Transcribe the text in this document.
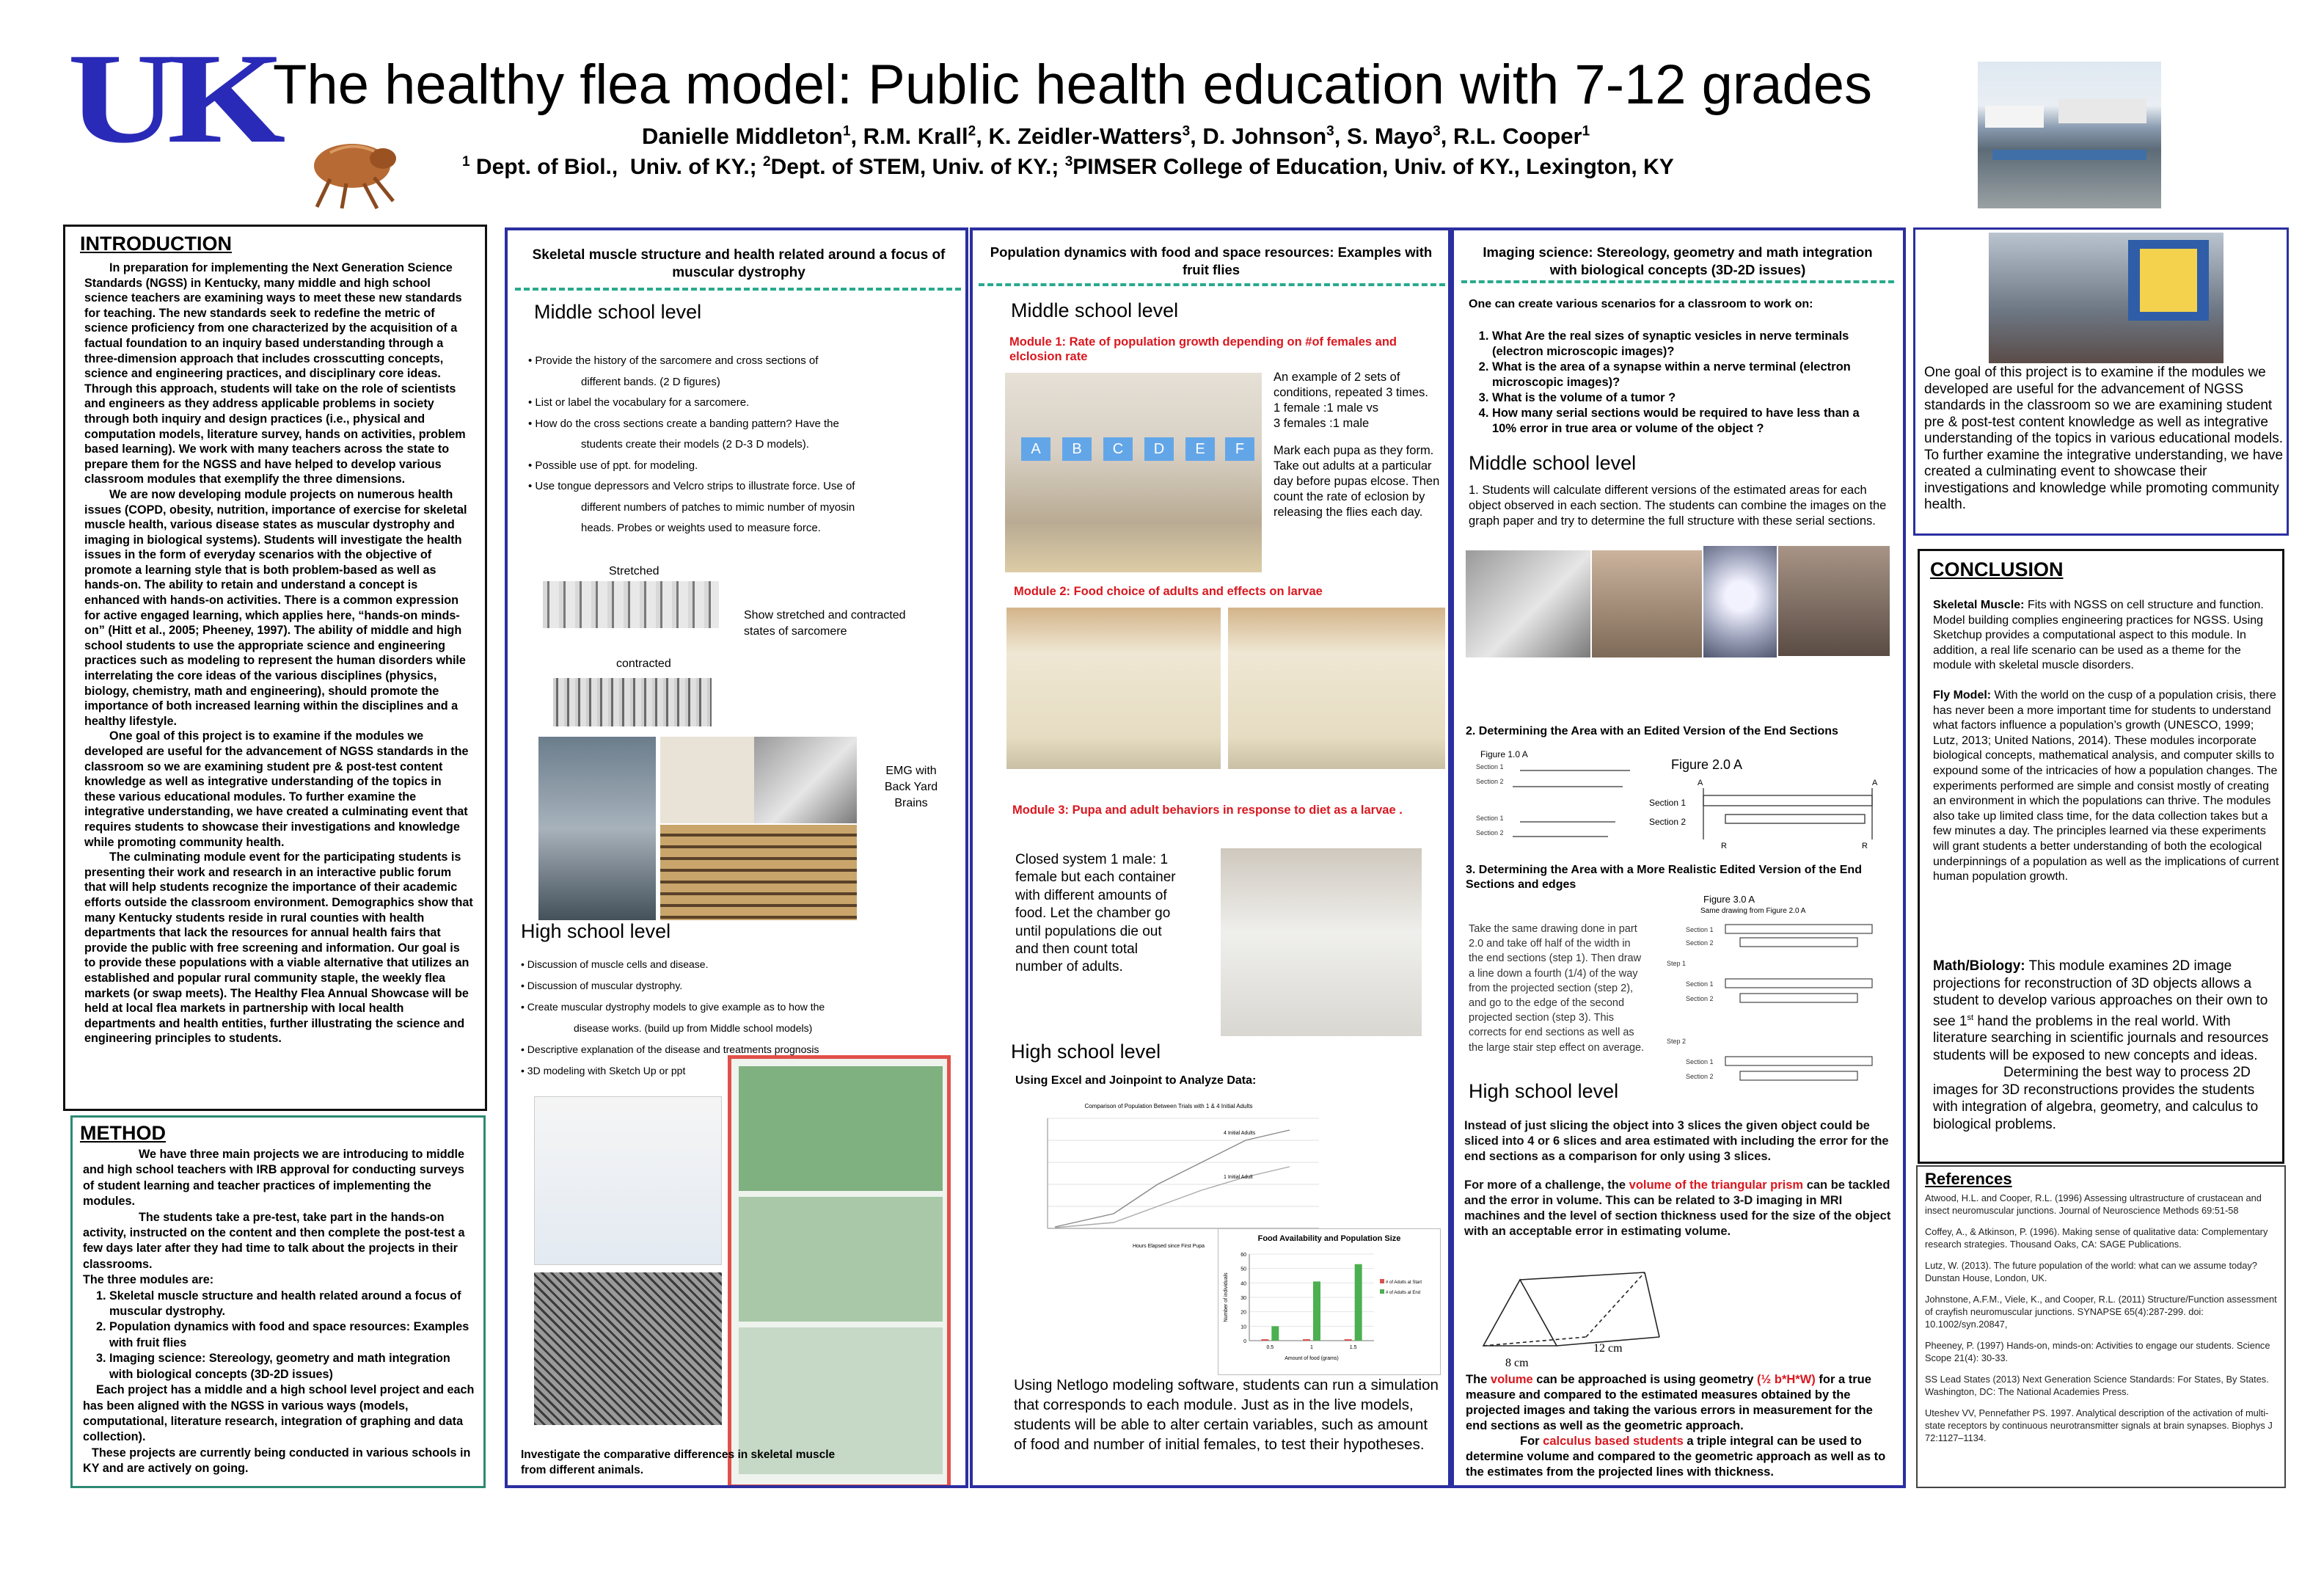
UK
The healthy flea model: Public health education with 7-12 grades
Danielle Middleton$^1$, R.M. Krall$^2$, K. Zeidler-Watters$^3$, D. Johnson$^3$, S. Mayo$^3$, R.L. Cooper$^1$
$^1$ Dept. of Biol.,  Univ. of KY.; $^2$Dept. of STEM, Univ. of KY.; $^3$PIMSER College of Education, Univ. of KY., Lexington, KY
INTRODUCTION

In preparation for implementing the Next Generation Science Standards (NGSS) in Kentucky, many middle and high school science teachers are examining ways to meet these new standards for teaching. The new standards seek to redefine the metric of science proficiency from one characterized by the acquisition of a factual foundation to an inquiry based understanding through a three-dimension approach that includes crosscutting concepts, science and engineering practices, and disciplinary core ideas. Through this approach, students will take on the role of scientists and engineers as they address applicable problems in society through both inquiry and design practices (i.e., physical and computation models, literature survey, hands on activities, problem based learning). We work with many teachers across the state to prepare them for the NGSS and have helped to develop various classroom modules that exemplify the three dimensions.

We are now developing module projects on numerous health issues (COPD, obesity, nutrition, importance of exercise for skeletal muscle health, various disease states as muscular dystrophy and imaging in biological systems). Students will investigate the health issues in the form of everyday scenarios with the objective of promote a learning style that is both problem-based as well as hands-on. The ability to retain and understand a concept is enhanced with hands-on activities. There is a common expression for active engaged learning, which applies here, “hands-on minds-on” (Hitt et al., 2005; Pheeney, 1997). The ability of middle and high school students to use the appropriate science and engineering practices such as modeling to represent the human disorders while interrelating the core ideas of the various disciplines (physics, biology, chemistry, math and engineering), should promote the importance of both increased learning within the disciplines and a healthy lifestyle.

One goal of this project is to examine if the modules we developed are useful for the advancement of NGSS standards in the classroom so we are examining student pre & post-test content knowledge as well as integrative understanding of the topics in these various educational modules. To further examine the integrative understanding, we have created a culminating event that requires students to showcase their investigations and knowledge while promoting community health.

The culminating module event for the participating students is presenting their work and research in an interactive public forum that will help students recognize the importance of their academic efforts outside the classroom environment. Demographics show that many Kentucky students reside in rural counties with health departments that lack the resources for annual health fairs that provide the public with free screening and information. Our goal is to provide these populations with a viable alternative that utilizes an established and popular rural community staple, the weekly flea markets (or swap meets). The Healthy Flea Annual Showcase will be held at local flea markets in partnership with local health departments and health entities, further illustrating the science and engineering principles to students.

METHOD

We have three main projects we are introducing to middle and high school teachers with IRB approval for conducting surveys of student learning and teacher practices of implementing the modules.

The students take a pre-test, take part in the hands-on activity, instructed on the content and then complete the post-test a few days later after they had time to talk about the projects in their classrooms.

The three modules are:

1. Skeletal muscle structure and health related around a focus of muscular dystrophy.
2. Population dynamics with food and space resources: Examples with fruit flies
3. Imaging science: Stereology, geometry and math integration with biological concepts (3D-2D issues)

Each project has a middle and a high school level project and each has been aligned with the NGSS in various ways (models, computational, literature research, integration of graphing and data collection).

These projects are currently being conducted in various schools in KY and are actively on going.

Skeletal muscle structure and health related around a focus of muscular dystrophy
Middle school level

• Provide the history of the sarcomere and cross sections of

different bands. (2 D figures)

• List or label the vocabulary for a sarcomere.

• How do the cross sections create a banding pattern? Have the

students create their models (2 D-3 D models).

• Possible use of ppt. for modeling.

• Use tongue depressors and Velcro strips to illustrate force. Use of

different numbers of patches to mimic number of myosin

heads. Probes or weights used to measure force.

Stretched
Show stretched and contracted states of sarcomere
contracted
EMG with Back Yard Brains
High school level

• Discussion of muscle cells and disease.

• Discussion of muscular dystrophy.

• Create muscular dystrophy models to give example as to how the

disease works. (build up from Middle school models)

• Descriptive explanation of the disease and treatments prognosis

• 3D modeling with Sketch Up or ppt

Investigate the comparative differences in skeletal muscle from different animals.
Population dynamics with food and space resources: Examples with fruit flies
Middle school level
Module 1: Rate of population growth depending on #of females and elclosion rate
A	B	C	D	E	F

An example of 2 sets of conditions, repeated 3 times.

1 female :1 male vs

3 females :1 male

Mark each pupa as they form. Take out adults at a particular day before pupas elcose. Then count the rate of eclosion by releasing the flies each day.

Module 2: Food choice of adults and effects on larvae
Module 3: Pupa and adult behaviors in response to diet as a larvae .
Closed system 1 male: 1 female but each container with different amounts of food. Let the chamber go until populations die out and then count total number of adults.
High school level
Using Excel and Joinpoint to Analyze Data:
Comparison of Population Between Trials with 1 & 4 Initial Adults
4 Initial Adults
1 Initial Adult
Hours Elapsed since First Pupa
Food Availability and Population Size
0
10
20
30
40
50
60
0.5	1	1.5
Amount of food (grams)
Number of individuals	# of Adults at Start
# of Adults at End
Using Netlogo modeling software, students can run a simulation that corresponds to each module. Just as in the live models, students will be able to alter certain variables, such as amount of food and number of initial females, to test their hypotheses.
Imaging science: Stereology, geometry and math integration with biological concepts (3D-2D issues)
One can create various scenarios for a classroom to work on:
1. What Are the real sizes of synaptic vesicles in nerve terminals (electron microscopic images)?
2. What is the area of a synapse within a nerve terminal (electron microscopic images)?
3. What is the volume of a tumor ?
4. How many serial sections would be required to have less than a 10% error in true area or volume of the object ?
Middle school level
1. Students will calculate different versions of the estimated areas for each object observed in each section. The students can combine the images on the graph paper and try to determine the full structure with these serial sections.
2. Determining the Area with an Edited Version of the End Sections
Figure 1.0 A
Section 1
Section 2
Section 1
Section 2
Figure 2.0 A
Section 1
Section 2
A	A
R	R
3. Determining the Area with a More Realistic Edited Version of the End Sections and edges
Figure 3.0 A
Same drawing from Figure 2.0 A
Take the same drawing done in part 2.0 and take off half of the width in the end sections (step 1). Then draw a line down a fourth (1/4) of the way from the projected section (step 2), and go to the edge of the second projected section (step 3). This corrects for end sections as well as the large stair step effect on average.
Section 1
Section 2
Step 1
Section 1
Section 2
Step 2
Section 1
Section 2
High school level

Instead of just slicing the object into 3 slices the given object could be sliced into 4 or 6 slices and area estimated with including the error for the end sections as a comparison for only using 3 slices.

For more of a challenge, the volume of the triangular prism can be tackled and the error in volume. This can be related to 3-D imaging in MRI machines and the level of section thickness used for the size of the object with an acceptable error in estimating volume.

8 cm
12 cm

The volume can be approached is using geometry (½ b*H*W) for a true measure and compared to the estimated measures obtained by the projected images and taking the various errors in measurement for the end sections as well as the geometric approach.

For calculus based students a triple integral can be used to determine volume and compared to the geometric approach as well as to the estimates from the projected lines with thickness.

One goal of this project is to examine if the modules we developed are useful for the advancement of NGSS standards in the classroom so we are examining student pre & post-test content knowledge as well as integrative understanding of the topics in various educational models. To further examine the integrative understanding, we have created a culminating event to showcase their investigations and knowledge while promoting community health.
CONCLUSION

Skeletal Muscle: Fits with NGSS on cell structure and function. Model building complies engineering practices for NGSS. Using Sketchup provides a computational aspect to this module. In addition, a real life scenario can be used as a theme for the module with skeletal muscle disorders.

Fly Model: With the world on the cusp of a population crisis, there has never been a more important time for students to understand what factors influence a population’s growth (UNESCO, 1999; Lutz, 2013; United Nations, 2014). These modules incorporate biological concepts, mathematical analysis, and computer skills to expound some of the intricacies of how a population changes. The experiments performed are simple and consist mostly of creating an environment in which the populations can thrive. The modules also take up limited class time, for the data collection takes but a few minutes a day. The principles learned via these experiments will grant students a better understanding of both the ecological underpinnings of a population as well as the implications of current human population growth.

Math/Biology: This module examines 2D image projections for reconstruction of 3D objects allows a student to develop various approaches on their own to see 1st hand the problems in the real world. With literature searching in scientific journals and resources students will be exposed to new concepts and ideas.

Determining the best way to process 2D images for 3D reconstructions provides the students with integration of algebra, geometry, and calculus to biological problems.

References

Atwood, H.L. and Cooper, R.L. (1996) Assessing ultrastructure of crustacean and insect neuromuscular junctions. Journal of Neuroscience Methods 69:51-58

Coffey, A., & Atkinson, P. (1996). Making sense of qualitative data: Complementary research strategies. Thousand Oaks, CA: SAGE Publications.

Lutz, W. (2013). The future population of the world: what can we assume today? Dunstan House, London, UK.

Johnstone, A.F.M., Viele, K., and Cooper, R.L. (2011) Structure/Function assessment of crayfish neuromuscular junctions. SYNAPSE 65(4):287-299. doi: 10.1002/syn.20847,

Pheeney, P. (1997) Hands-on, minds-on: Activities to engage our students. Science Scope 21(4): 30-33.

SS Lead States (2013) Next Generation Science Standards: For States, By States. Washington, DC: The National Academies Press.

Uteshev VV, Pennefather PS. 1997. Analytical description of the activation of multi-state receptors by continuous neurotransmitter signals at brain synapses. Biophys J 72:1127–1134.
